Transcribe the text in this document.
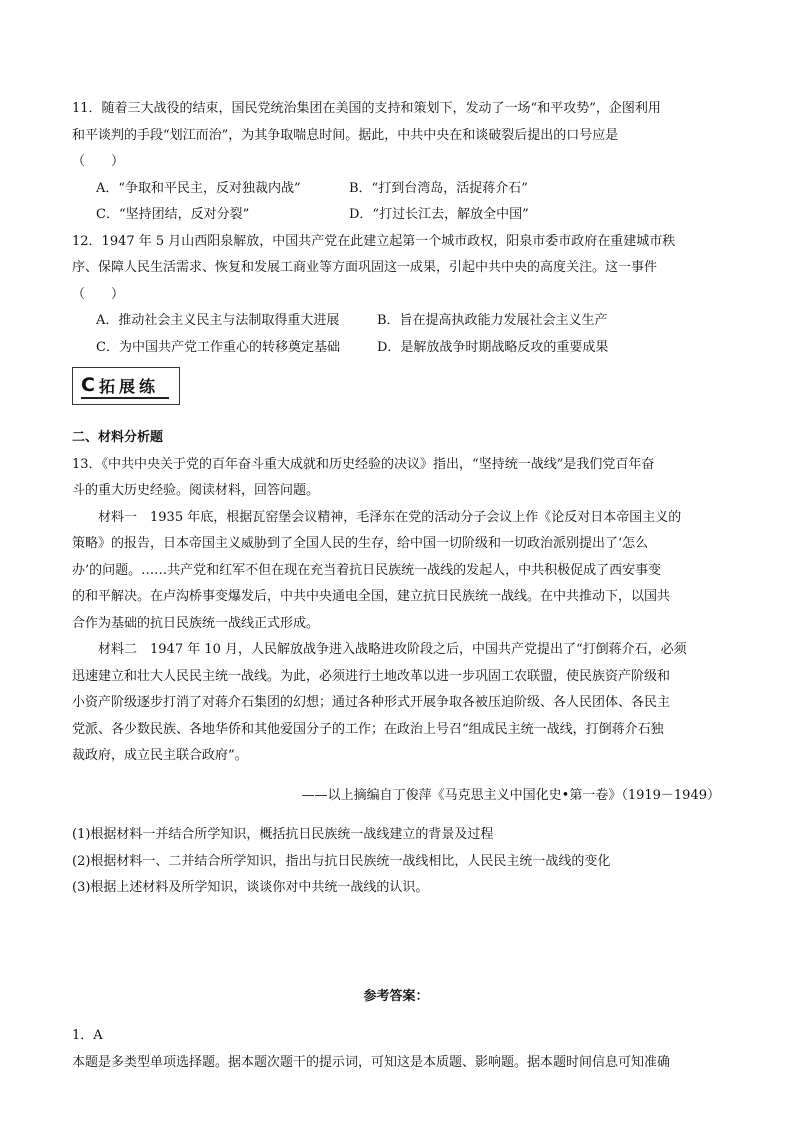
11．随着三大战役的结束，国民党统治集团在美国的支持和策划下，发动了一场“和平攻势”，企图利用

和平谈判的手段“划江而治”，为其争取喘息时间。据此，中共中央在和谈破裂后提出的口号应是

（　　）

A．“争取和平民主，反对独裁内战”	B．“打到台湾岛，活捉蒋介石”
C．“坚持团结，反对分裂”	D．“打过长江去，解放全中国”

12．1947 年 5 月山西阳泉解放，中国共产党在此建立起第一个城市政权，阳泉市委市政府在重建城市秩

序、保障人民生活需求、恢复和发展工商业等方面巩固这一成果，引起中共中央的高度关注。这一事件

（　　）

A．推动社会主义民主与法制取得重大进展	B．旨在提高执政能力发展社会主义生产
C．为中国共产党工作重心的转移奠定基础	D．是解放战争时期战略反攻的重要成果
C 拓展练

二、材料分析题

13．《中共中央关于党的百年奋斗重大成就和历史经验的决议》指出，“坚持统一战线”是我们党百年奋

斗的重大历史经验。阅读材料，回答问题。

材料一　1935 年底，根据瓦窑堡会议精神，毛泽东在党的活动分子会议上作《论反对日本帝国主义的

策略》的报告，日本帝国主义威胁到了全国人民的生存，给中国一切阶级和一切政治派别提出了‘怎么

办’的问题。……共产党和红军不但在现在充当着抗日民族统一战线的发起人，中共积极促成了西安事变

的和平解决。在卢沟桥事变爆发后，中共中央通电全国，建立抗日民族统一战线。在中共推动下，以国共

合作为基础的抗日民族统一战线正式形成。

材料二　1947 年 10 月，人民解放战争进入战略进攻阶段之后，中国共产党提出了“打倒蒋介石，必须

迅速建立和壮大人民民主统一战线。为此，必须进行土地改革以进一步巩固工农联盟，使民族资产阶级和

小资产阶级逐步打消了对蒋介石集团的幻想；通过各种形式开展争取各被压迫阶级、各人民团体、各民主

党派、各少数民族、各地华侨和其他爱国分子的工作；在政治上号召“组成民主统一战线，打倒蒋介石独

裁政府，成立民主联合政府”。

——以上摘编自丁俊萍《马克思主义中国化史•第一卷》（1919－1949）

(1)根据材料一并结合所学知识，概括抗日民族统一战线建立的背景及过程

(2)根据材料一、二并结合所学知识，指出与抗日民族统一战线相比，人民民主统一战线的变化

(3)根据上述材料及所学知识，谈谈你对中共统一战线的认识。

参考答案：

1．A

本题是多类型单项选择题。据本题次题干的提示词，可知这是本质题、影响题。据本题时间信息可知准确
